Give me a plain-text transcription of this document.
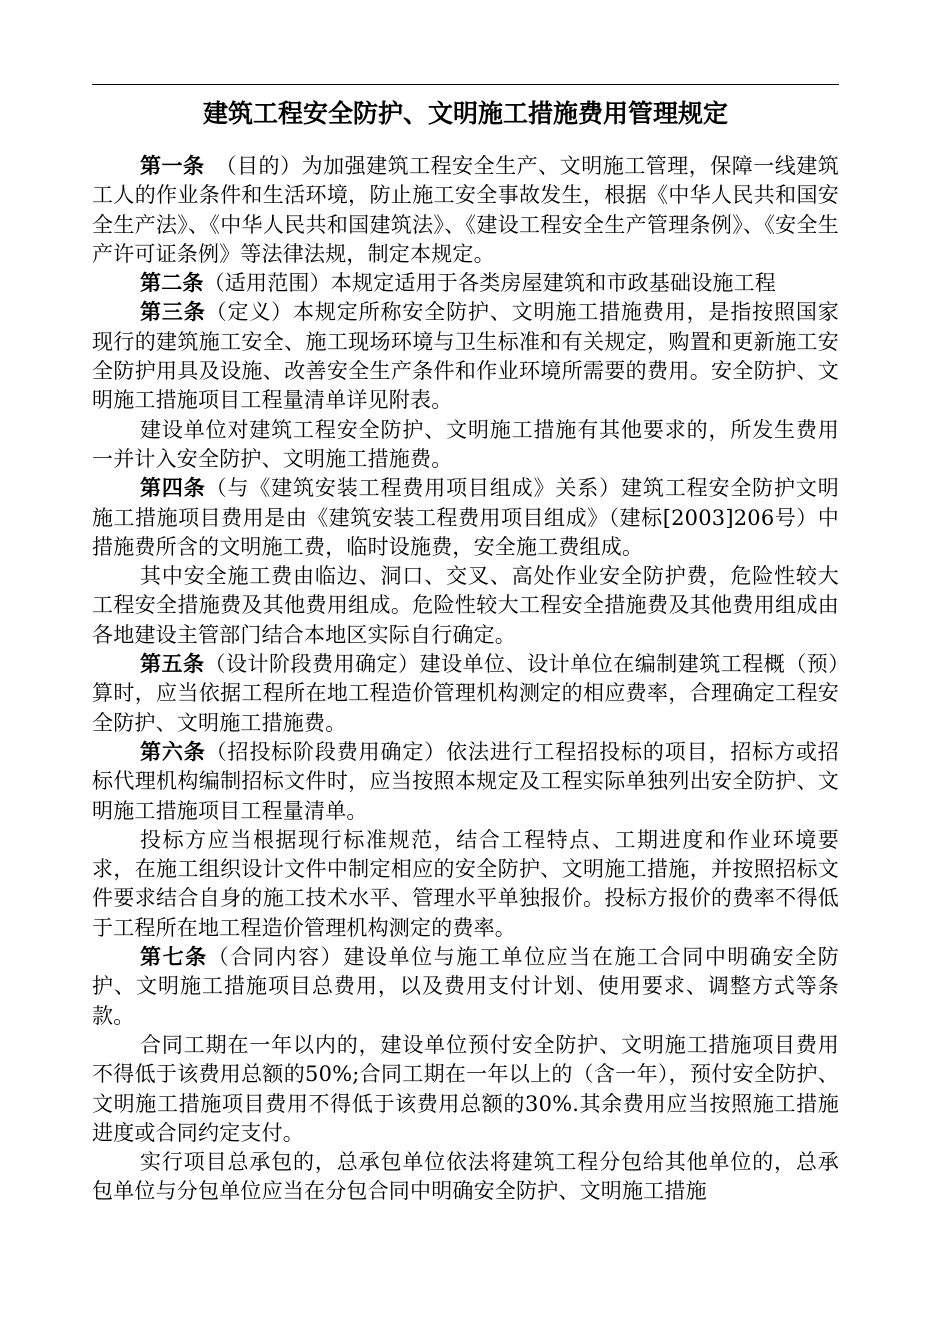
建筑工程安全防护、文明施工措施费用管理规定

第一条　（目的）为加强建筑工程安全生产、文明施工管理，保障一线建筑工人的作业条件和生活环境，防止施工安全事故发生，根据《中华人民共和国安全生产法》、《中华人民共和国建筑法》、《建设工程安全生产管理条例》、《安全生产许可证条例》等法律法规，制定本规定。

第二条（适用范围）本规定适用于各类房屋建筑和市政基础设施工程

第三条（定义）本规定所称安全防护、文明施工措施费用，是指按照国家现行的建筑施工安全、施工现场环境与卫生标准和有关规定，购置和更新施工安全防护用具及设施、改善安全生产条件和作业环境所需要的费用。安全防护、文明施工措施项目工程量清单详见附表。

建设单位对建筑工程安全防护、文明施工措施有其他要求的，所发生费用一并计入安全防护、文明施工措施费。

第四条（与《建筑安装工程费用项目组成》关系）建筑工程安全防护文明施工措施项目费用是由《建筑安装工程费用项目组成》（建标[2003]206号）中措施费所含的文明施工费，临时设施费，安全施工费组成。

其中安全施工费由临边、洞口、交叉、高处作业安全防护费，危险性较大工程安全措施费及其他费用组成。危险性较大工程安全措施费及其他费用组成由各地建设主管部门结合本地区实际自行确定。

第五条（设计阶段费用确定）建设单位、设计单位在编制建筑工程概（预）算时，应当依据工程所在地工程造价管理机构测定的相应费率，合理确定工程安全防护、文明施工措施费。

第六条（招投标阶段费用确定）依法进行工程招投标的项目，招标方或招标代理机构编制招标文件时，应当按照本规定及工程实际单独列出安全防护、文明施工措施项目工程量清单。

投标方应当根据现行标准规范，结合工程特点、工期进度和作业环境要求，在施工组织设计文件中制定相应的安全防护、文明施工措施，并按照招标文件要求结合自身的施工技术水平、管理水平单独报价。投标方报价的费率不得低于工程所在地工程造价管理机构测定的费率。

第七条（合同内容）建设单位与施工单位应当在施工合同中明确安全防护、文明施工措施项目总费用，以及费用支付计划、使用要求、调整方式等条款。

合同工期在一年以内的，建设单位预付安全防护、文明施工措施项目费用不得低于该费用总额的50%;合同工期在一年以上的（含一年），预付安全防护、文明施工措施项目费用不得低于该费用总额的30%.其余费用应当按照施工措施进度或合同约定支付。

实行项目总承包的，总承包单位依法将建筑工程分包给其他单位的，总承包单位与分包单位应当在分包合同中明确安全防护、文明施工措施
